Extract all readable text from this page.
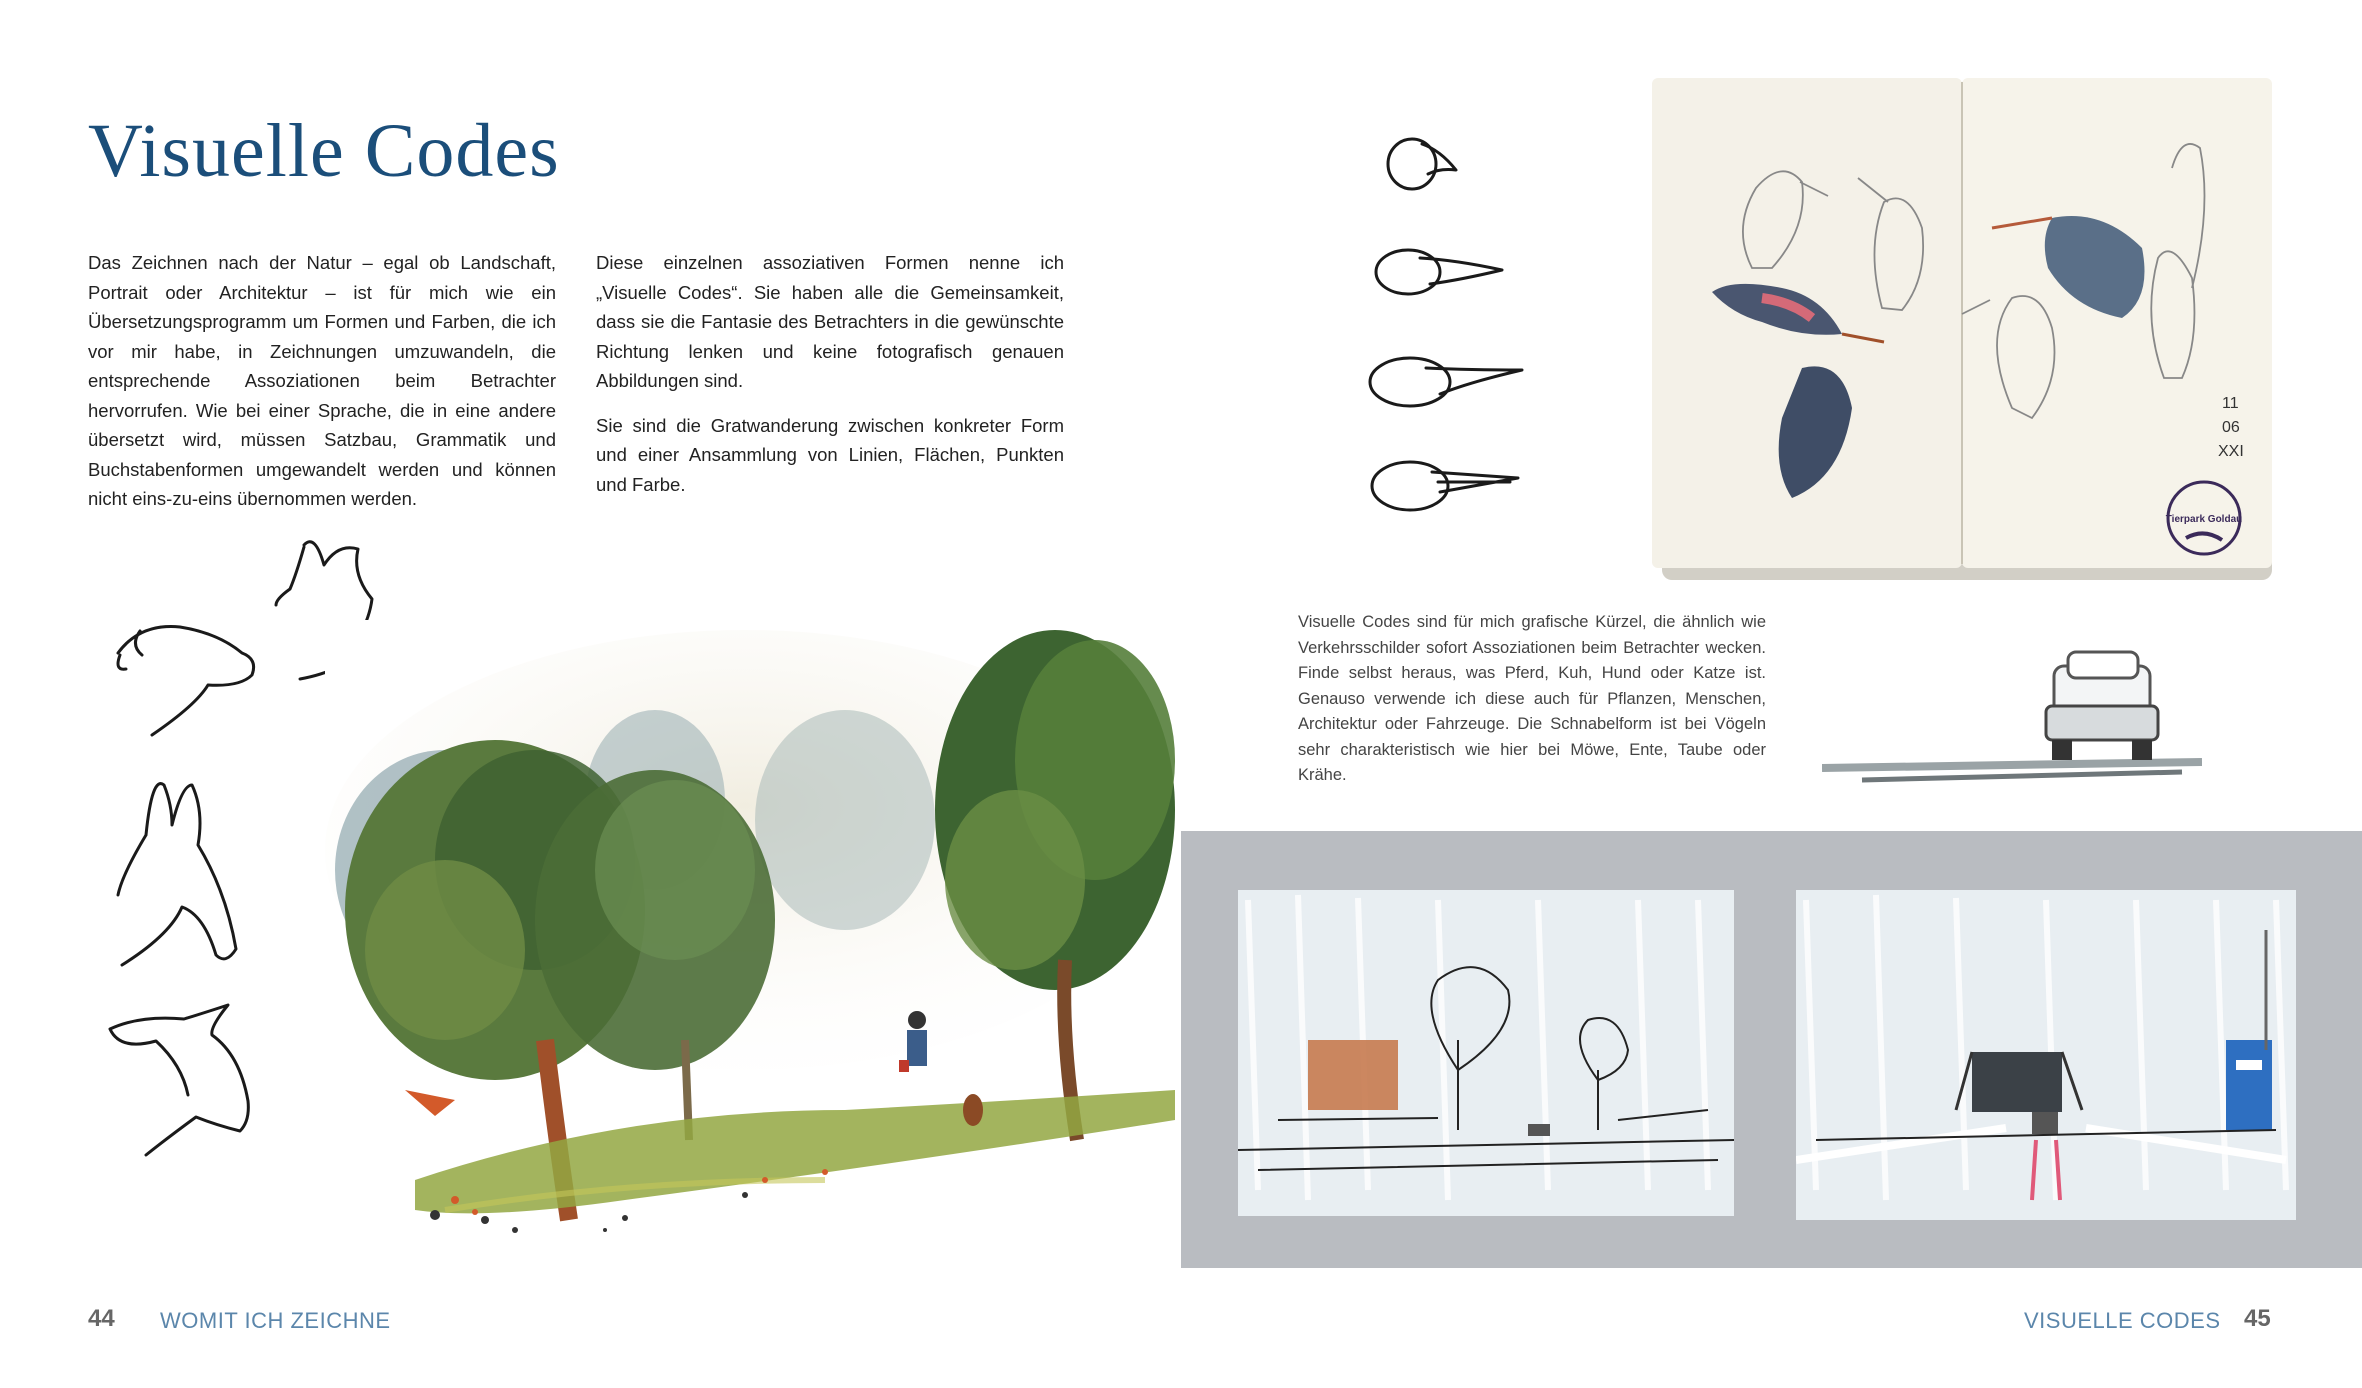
Visuelle Codes

Das Zeichnen nach der Natur – egal ob Landschaft, Portrait oder Architektur – ist für mich wie ein Übersetzungsprogramm um Formen und Farben, die ich vor mir habe, in Zeichnungen umzuwandeln, die entsprechende Assoziationen beim Betrachter hervorrufen. Wie bei einer Sprache, die in eine andere übersetzt wird, müssen Satzbau, Grammatik und Buchstabenformen umgewandelt werden und können nicht eins-zu-eins übernommen werden.

Diese einzelnen assoziativen Formen nenne ich „Visuelle Codes“. Sie haben alle die Gemeinsamkeit, dass sie die Fantasie des Betrachters in die gewünschte Richtung lenken und keine fotografisch genauen Abbildungen sind.

Sie sind die Gratwanderung zwischen konkreter Form und einer Ansammlung von Linien, Flächen, Punkten und Farbe.

11
06
XXI
Tierpark Goldau
Visuelle Codes sind für mich grafische Kürzel, die ähnlich wie Verkehrsschilder sofort Assoziationen beim Betrachter wecken. Finde selbst heraus, was Pferd, Kuh, Hund oder Katze ist. Genauso verwende ich diese auch für Pflanzen, Menschen, Architektur oder Fahrzeuge. Die Schnabelform ist bei Vögeln sehr charakteristisch wie hier bei Möwe, Ente, Taube oder Krähe.
44 WOMIT ICH ZEICHNE	VISUELLE CODES 45
